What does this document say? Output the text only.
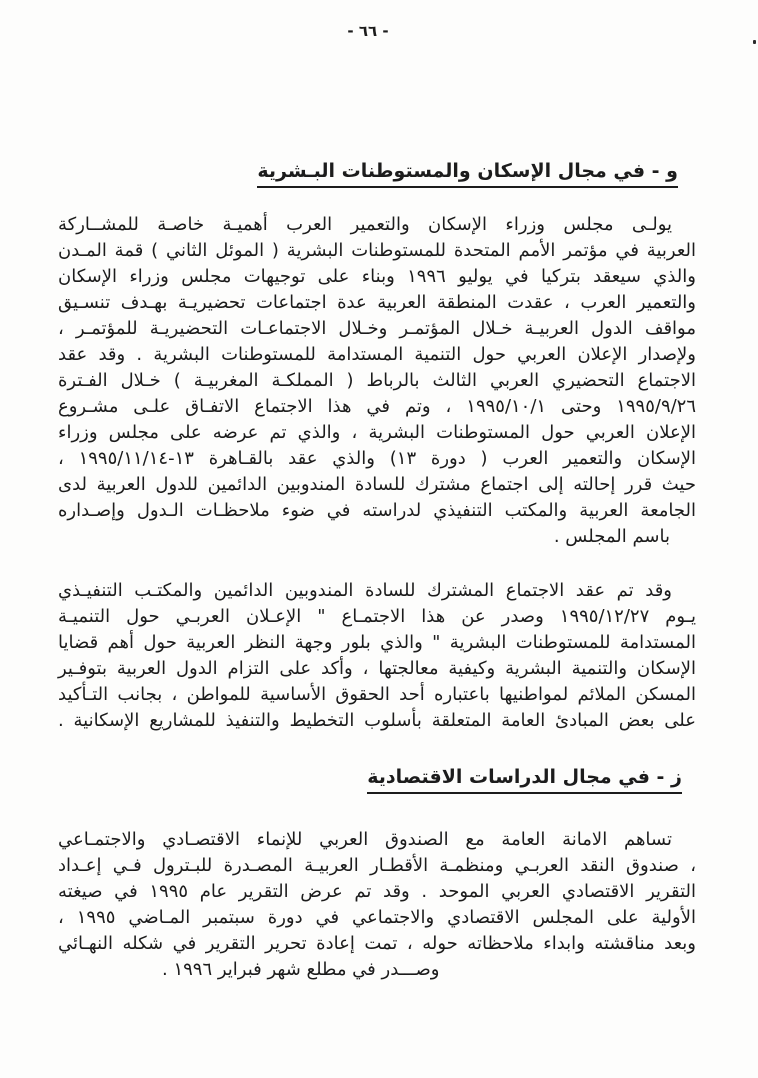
- ٦٦ -
و - في مجال الإسكان والمستوطنات البـشرية
يولـى مجلس وزراء الإسكان والتعمير العرب أهميـة خاصـة للمشــاركة
العربية في مؤتمر الأمم المتحدة للمستوطنات البشرية ( الموئل الثاني ) قمة المـدن
والذي سيعقد بتركيا في يوليو ١٩٩٦ وبناء على توجيهات مجلس وزراء الإسكان
والتعمير العرب ، عقدت المنطقة العربية عدة اجتماعات تحضيريـة بهـدف تنسـيق
مواقف الدول العربيـة خـلال المؤتمـر وخـلال الاجتماعـات التحضيريـة للمؤتمـر ،
ولإصدار الإعلان العربي حول التنمية المستدامة للمستوطنات البشرية . وقد عقد
الاجتماع التحضيري العربي الثالث بالرباط ( المملكـة المغربيـة ) خـلال الفـترة
١٩٩٥/٩/٢٦ وحتى ١٩٩٥/١٠/١ ، وتم في هذا الاجتماع الاتفـاق علـى مشـروع
الإعلان العربي حول المستوطنات البشرية ، والذي تم عرضه على مجلس وزراء
الإسكان والتعمير العرب ( دورة ١٣) والذي عقد بالقـاهرة ١٣-١٩٩٥/١١/١٤ ،
حيث قرر إحالته إلى اجتماع مشترك للسادة المندوبين الدائمين للدول العربية لدى
الجامعة العربية والمكتب التنفيذي لدراسته في ضوء ملاحظـات الـدول وإصـداره
باسم المجلس .
وقد تم عقد الاجتماع المشترك للسادة المندوبين الدائمين والمكتـب التنفيـذي
يـوم ١٩٩٥/١٢/٢٧ وصدر عن هذا الاجتمـاع " الإعـلان العربـي حول التنميـة
المستدامة للمستوطنات البشرية " والذي بلور وجهة النظر العربية حول أهم قضايا
الإسكان والتنمية البشرية وكيفية معالجتها ، وأكد على التزام الدول العربية بتوفـير
المسكن الملائم لمواطنيها باعتباره أحد الحقوق الأساسية للمواطن ، بجانب التـأكيد
على بعض المبادئ العامة المتعلقة بأسلوب التخطيط والتنفيذ للمشاريع الإسكانية .
ز - في مجال الدراسات الاقتصادية
تساهم الامانة العامة مع الصندوق العربي للإنماء الاقتصـادي والاجتمـاعي
، صندوق النقد العربـي ومنظمـة الأقطـار العربيـة المصـدرة للبـترول فـي إعـداد
التقرير الاقتصادي العربي الموحد . وقد تم عرض التقرير عام ١٩٩٥ في صيغته
الأولية على المجلس الاقتصادي والاجتماعي في دورة سبتمبر المـاضي ١٩٩٥ ،
وبعد مناقشته وابداء ملاحظاته حوله ، تمت إعادة تحرير التقرير في شكله النهـائي
وصـــدر في مطلع شهر فبراير ١٩٩٦ .
